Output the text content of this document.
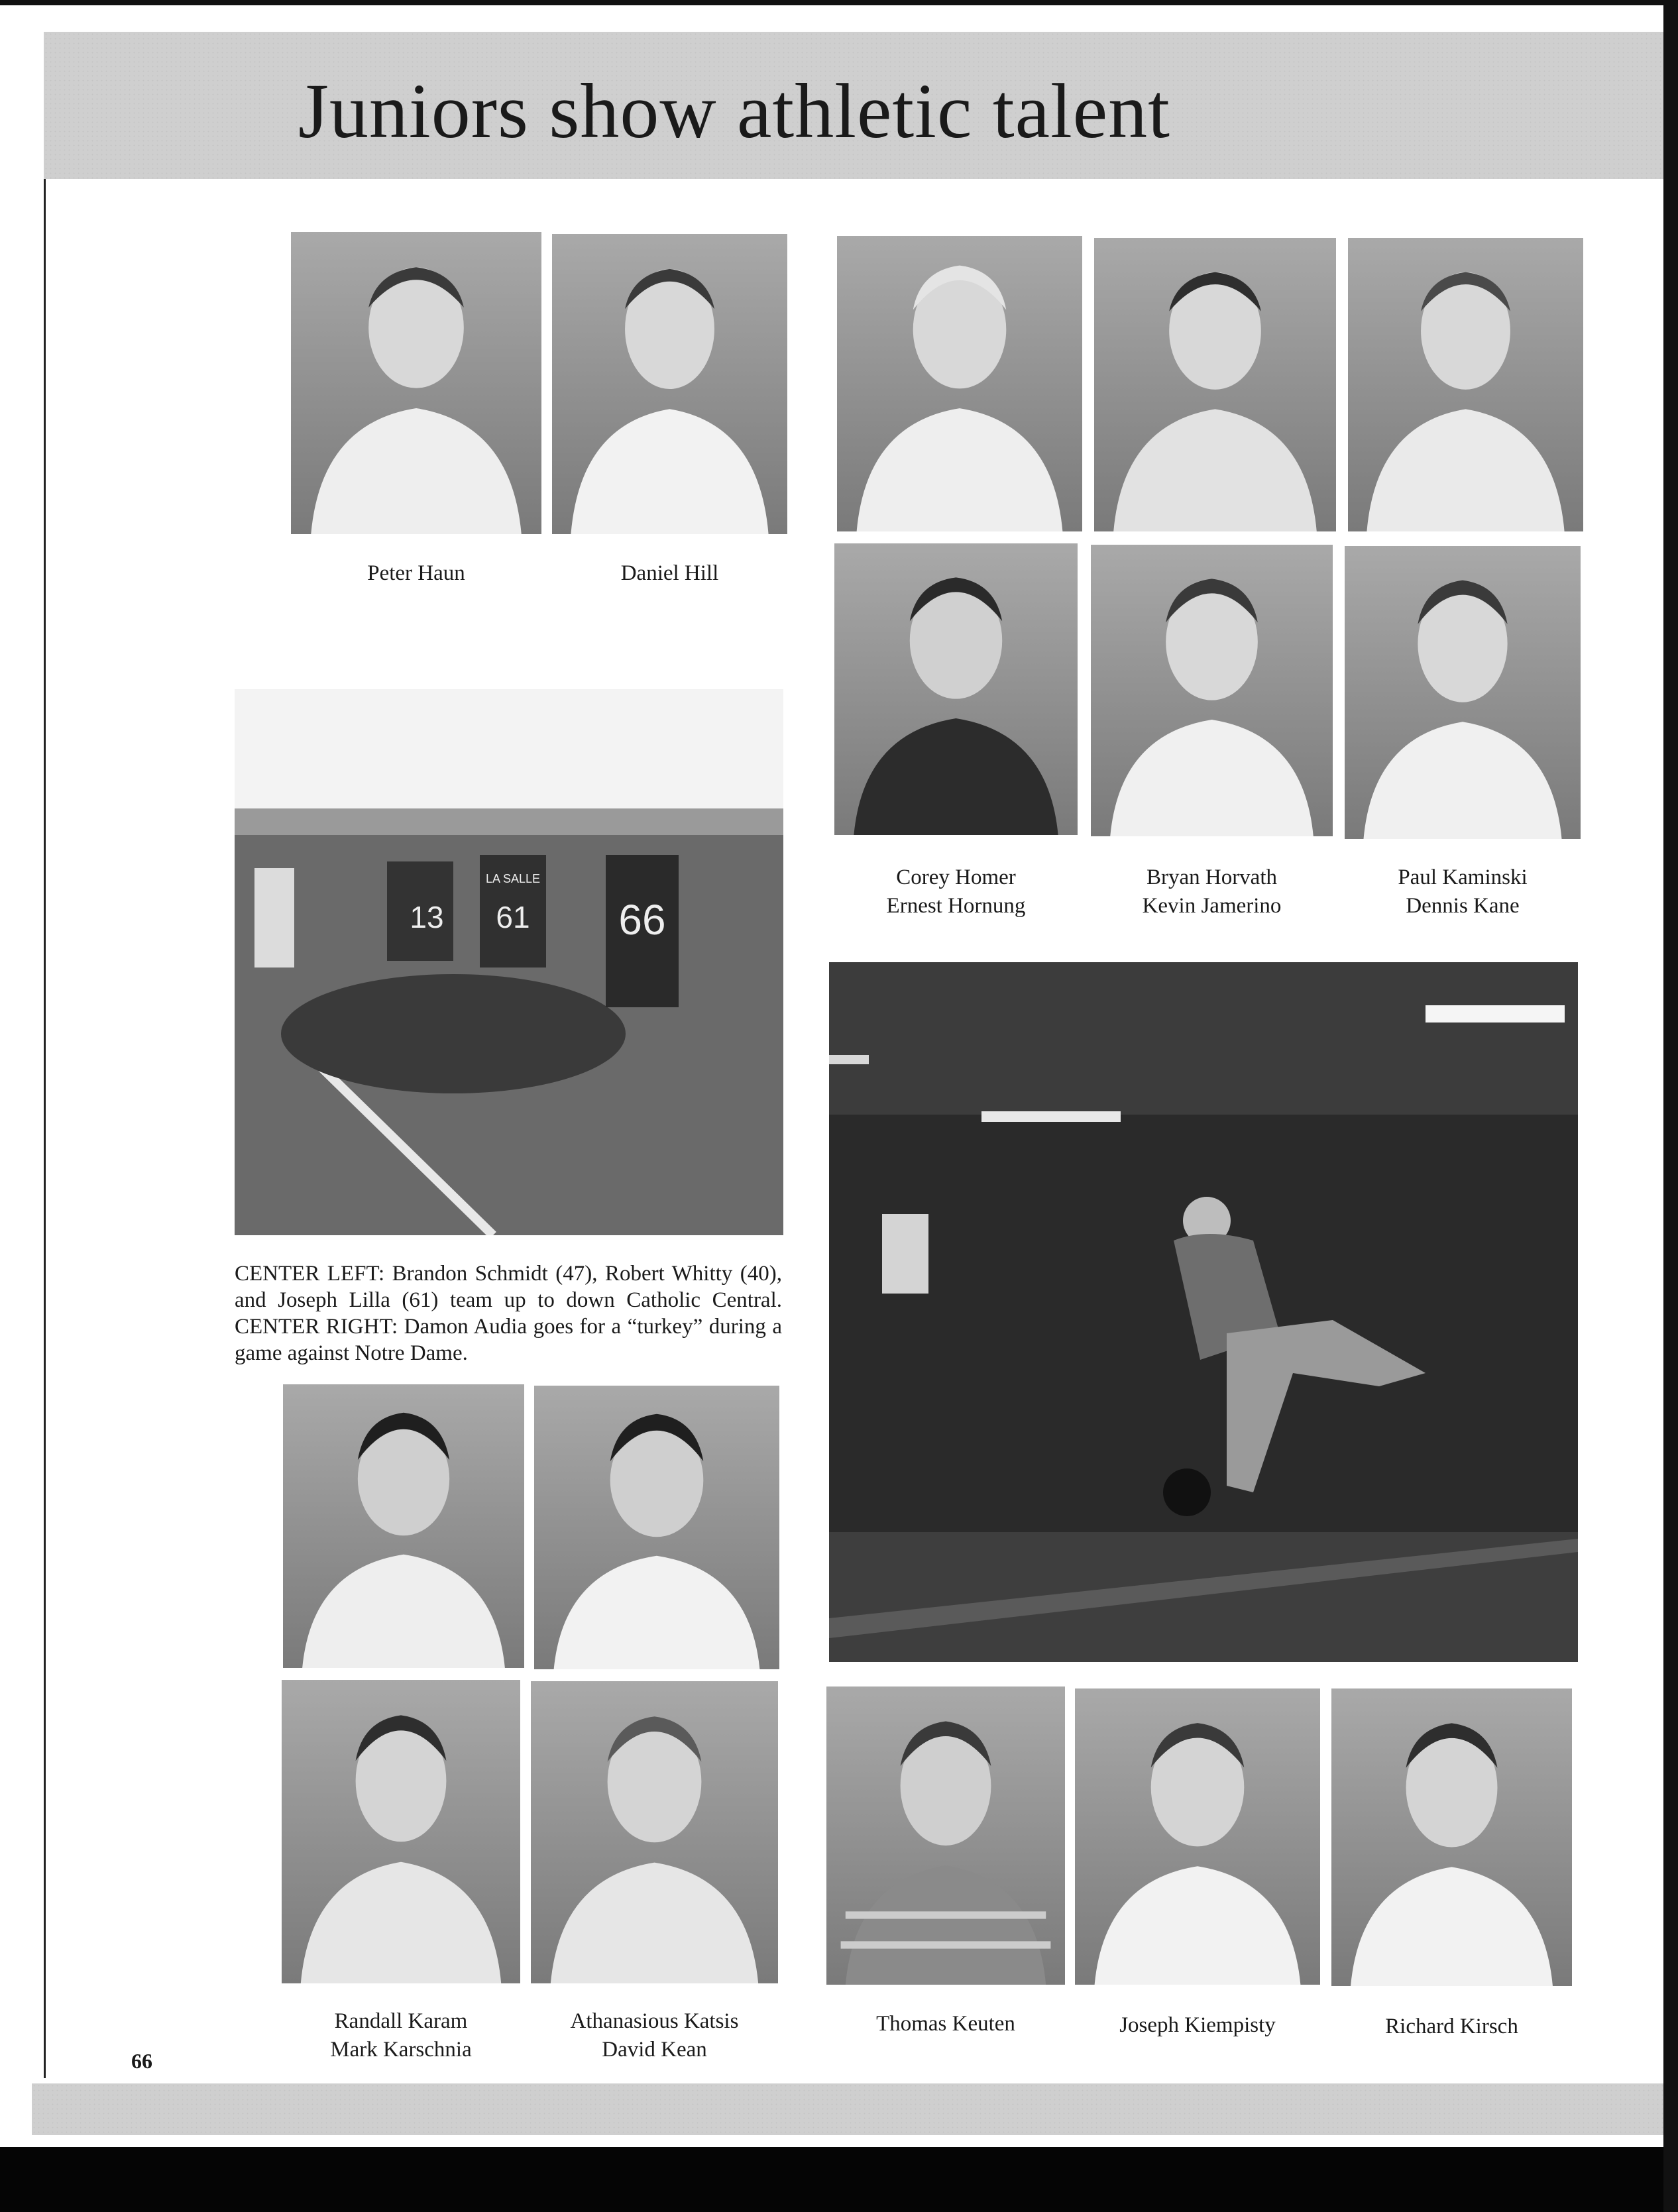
Juniors show athletic talent
Peter Haun	Daniel Hill
Corey Homer
Ernest Hornung
Bryan Horvath
Kevin Jamerino
Paul Kaminski
Dennis Kane
13 61 66
LA SALLE
CENTER LEFT: Brandon Schmidt (47), Robert Whitty (40), and Joseph Lilla (61) team up to down Catholic Central. CENTER RIGHT: Damon Audia goes for a “turkey” during a game against Notre Dame.
Randall Karam
Mark Karschnia
Athanasious Katsis
David Kean
Thomas Keuten	Joseph Kiempisty	Richard Kirsch
66
